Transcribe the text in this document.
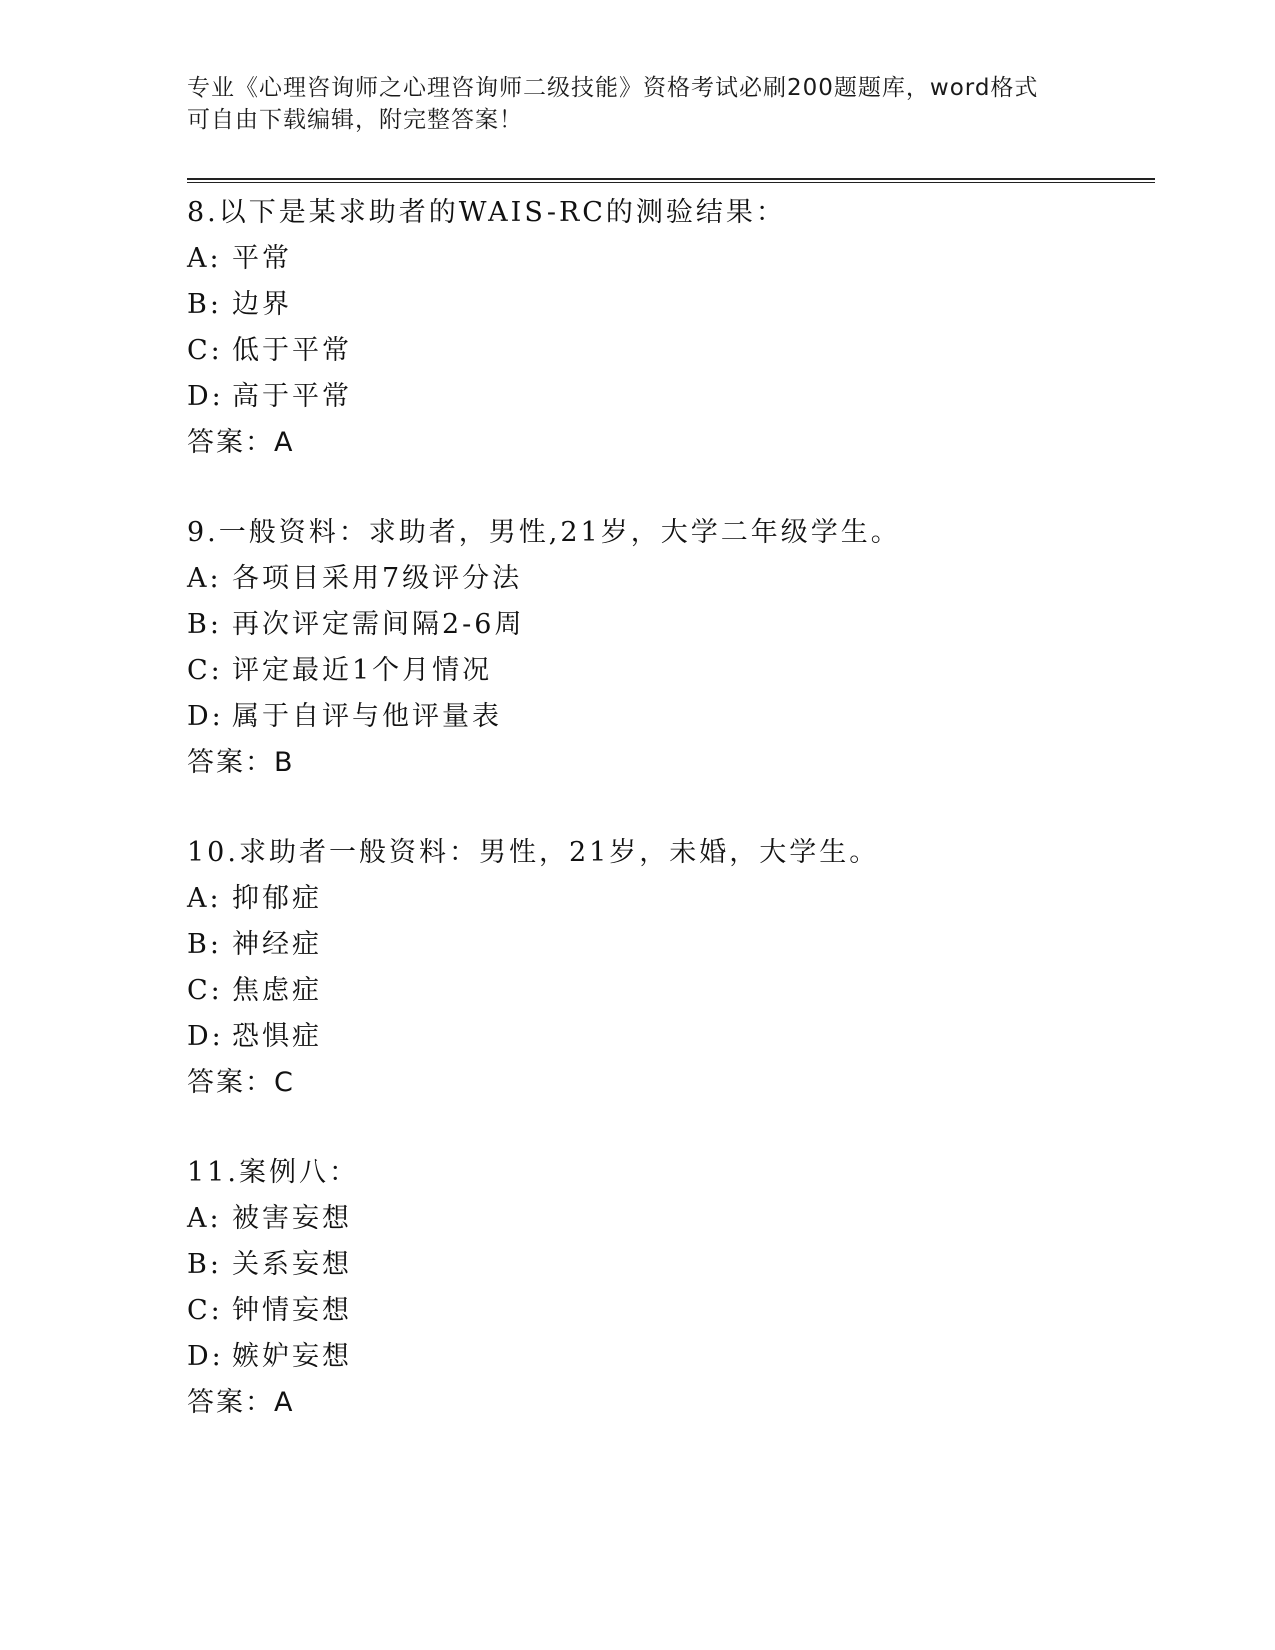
专业《心理咨询师之心理咨询师二级技能》资格考试必刷200题题库，word格式
可自由下载编辑，附完整答案！
8.以下是某求助者的WAIS-RC的测验结果：
A: 平常
B: 边界
C: 低于平常
D: 高于平常
答案：A
9.一般资料：求助者，男性,21岁，大学二年级学生。
A: 各项目采用7级评分法
B: 再次评定需间隔2-6周
C: 评定最近1个月情况
D: 属于自评与他评量表
答案：B
10.求助者一般资料：男性，21岁，未婚，大学生。
A: 抑郁症
B: 神经症
C: 焦虑症
D: 恐惧症
答案：C
11.案例八：
A: 被害妄想
B: 关系妄想
C: 钟情妄想
D: 嫉妒妄想
答案：A
